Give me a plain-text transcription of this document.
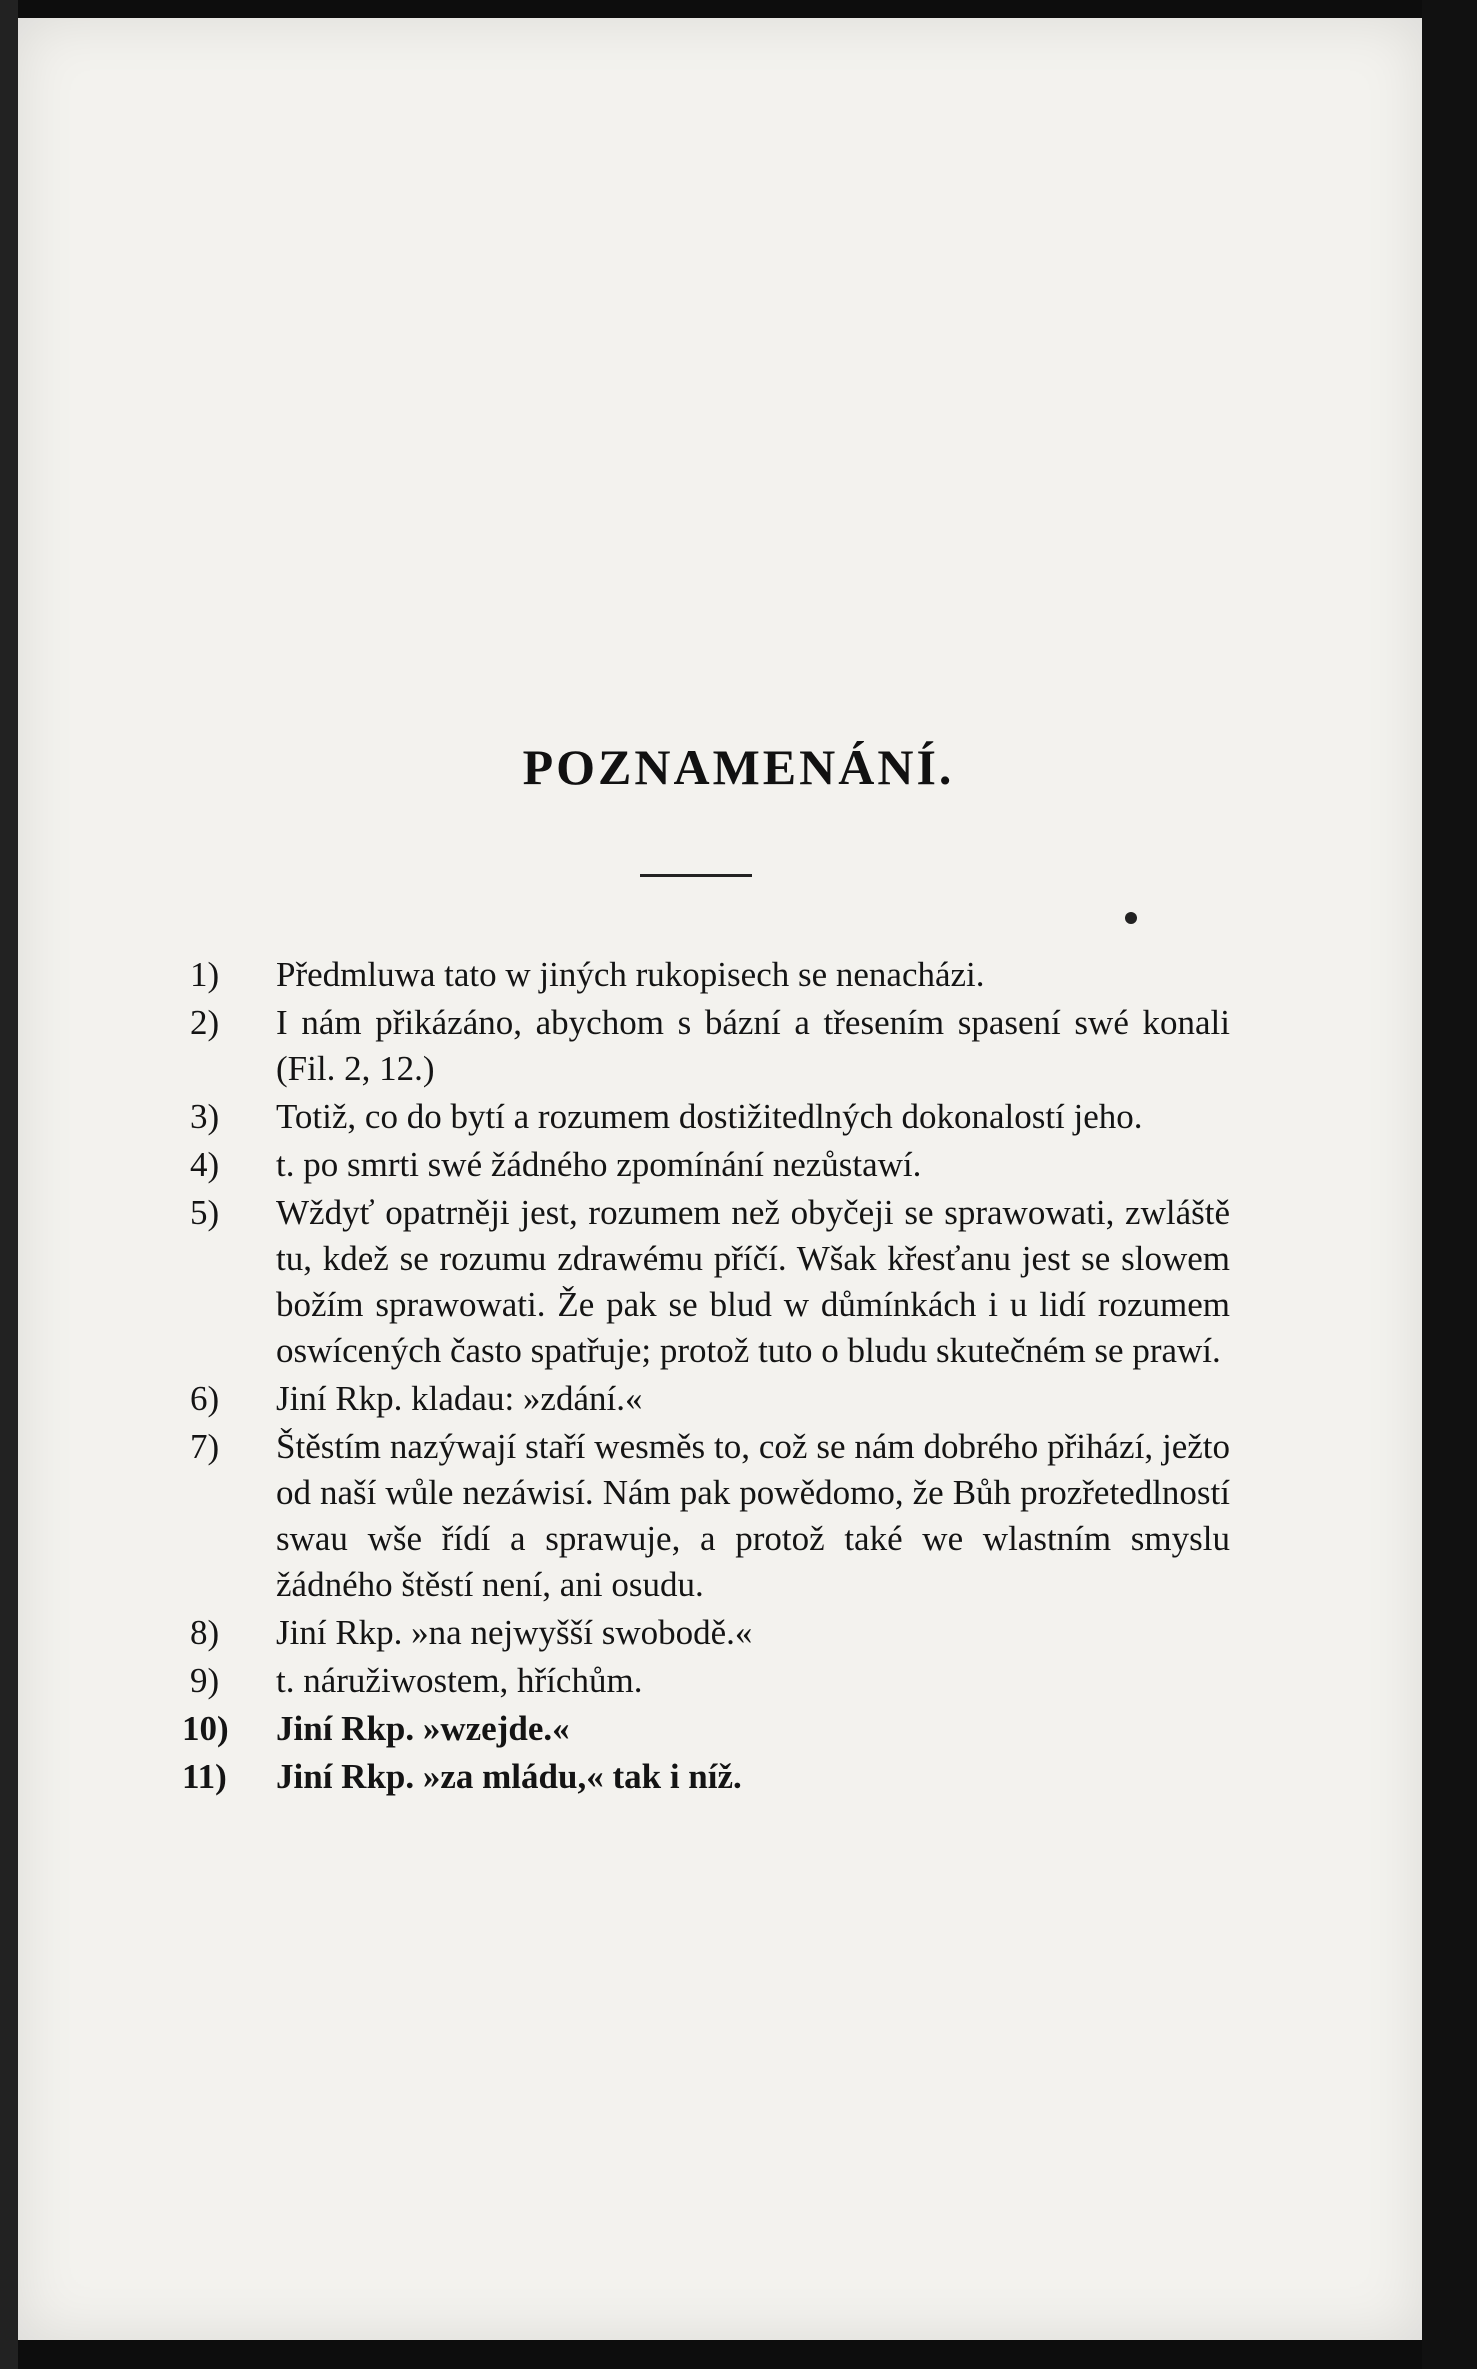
POZNAMENÁNÍ.
1)	Předmluwa tato w jiných rukopisech se nenacházi.
2)	I nám přikázáno, abychom s bázní a třesením spasení swé konali (Fil. 2, 12.)
3)	Totiž, co do bytí a rozumem dostižitedlných dokonalostí jeho.
4)	t. po smrti swé žádného zpomínání nezůstawí.
5)	Wždyť opatrněji jest, rozumem než obyčeji se sprawowati, zwláště tu, kdež se rozumu zdrawému příčí. Wšak křesťanu jest se slowem božím sprawowati. Že pak se blud w důmínkách i u lidí rozumem oswícených často spatřuje; protož tuto o bludu skutečném se prawí.
6)	Jiní Rkp. kladau: »zdání.«
7)	Štěstím nazýwají staří wesměs to, což se nám dobrého přihází, ježto od naší wůle nezáwisí. Nám pak powědomo, že Bůh prozřetedlností swau wše řídí a sprawuje, a protož také we wlastním smyslu žádného štěstí není, ani osudu.
8)	Jiní Rkp. »na nejwyšší swobodě.«
9)	t. náružiwostem, hříchům.
10)	Jiní Rkp. »wzejde.«
11)	Jiní Rkp. »za mládu,« tak i níž.
